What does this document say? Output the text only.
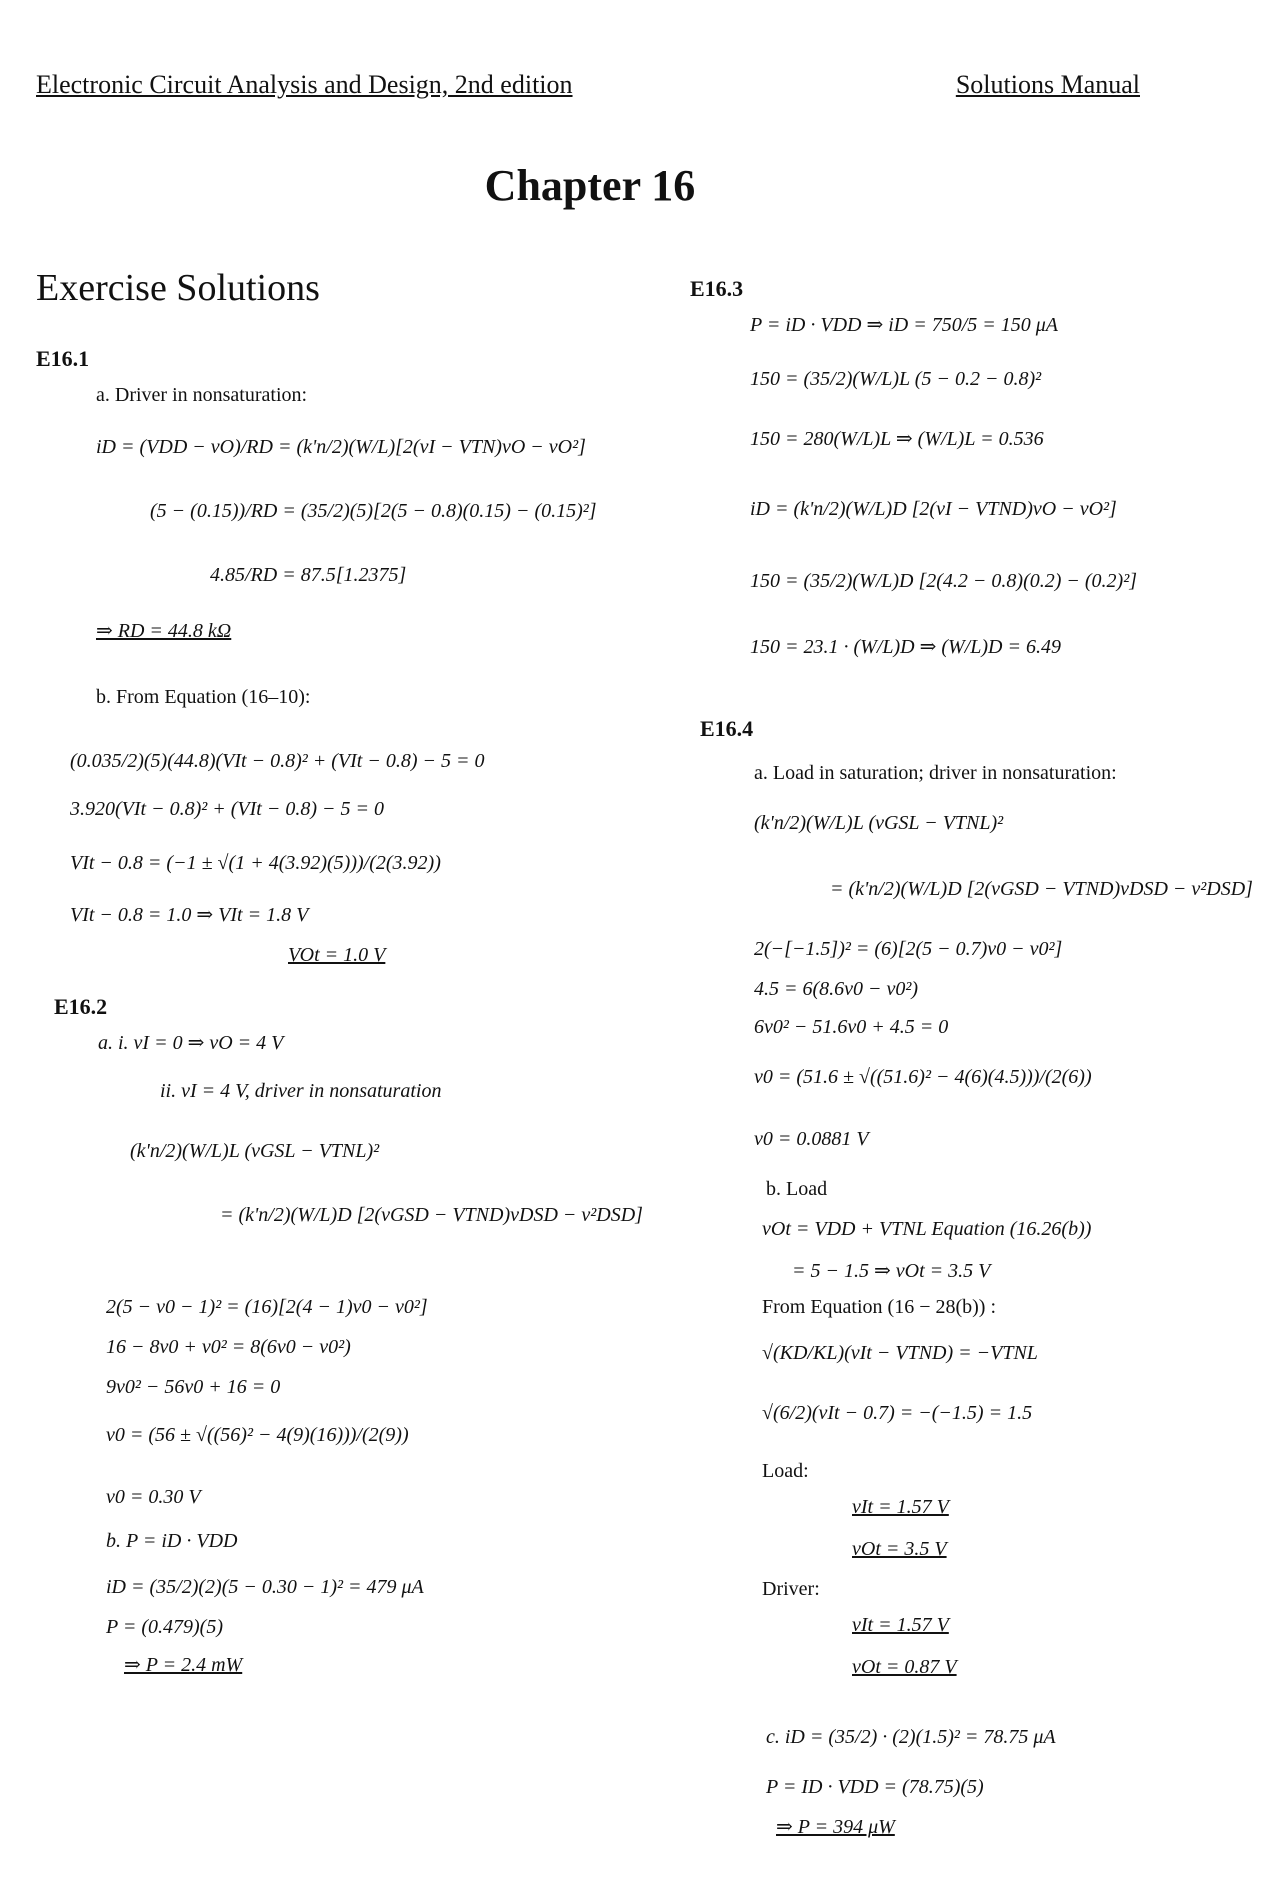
Electronic Circuit Analysis and Design, 2nd edition	Solutions Manual
Chapter 16
Exercise Solutions
E16.1
a. Driver in nonsaturation:
iD = (VDD − vO)/RD = (k'n/2)(W/L)[2(vI − VTN)vO − vO²]
(5 − (0.15))/RD = (35/2)(5)[2(5 − 0.8)(0.15) − (0.15)²]
4.85/RD = 87.5[1.2375]
⇒ RD = 44.8 kΩ
b. From Equation (16–10):
(0.035/2)(5)(44.8)(VIt − 0.8)² + (VIt − 0.8) − 5 = 0
3.920(VIt − 0.8)² + (VIt − 0.8) − 5 = 0
VIt − 0.8 = (−1 ± √(1 + 4(3.92)(5)))/(2(3.92))
VIt − 0.8 = 1.0 ⇒ VIt = 1.8 V
VOt = 1.0 V
E16.2
a. i. vI = 0 ⇒ vO = 4 V
ii. vI = 4 V, driver in nonsaturation
(k'n/2)(W/L)L (vGSL − VTNL)²
= (k'n/2)(W/L)D [2(vGSD − VTND)vDSD − v²DSD]
2(5 − v0 − 1)² = (16)[2(4 − 1)v0 − v0²]
16 − 8v0 + v0² = 8(6v0 − v0²)
9v0² − 56v0 + 16 = 0
v0 = (56 ± √((56)² − 4(9)(16)))/(2(9))
v0 = 0.30 V
b. P = iD · VDD
iD = (35/2)(2)(5 − 0.30 − 1)² = 479 μA
P = (0.479)(5)
⇒ P = 2.4 mW
E16.3
P = iD · VDD ⇒ iD = 750/5 = 150 μA
150 = (35/2)(W/L)L (5 − 0.2 − 0.8)²
150 = 280(W/L)L ⇒ (W/L)L = 0.536
iD = (k'n/2)(W/L)D [2(vI − VTND)vO − vO²]
150 = (35/2)(W/L)D [2(4.2 − 0.8)(0.2) − (0.2)²]
150 = 23.1 · (W/L)D ⇒ (W/L)D = 6.49
E16.4
a. Load in saturation; driver in nonsaturation:
(k'n/2)(W/L)L (vGSL − VTNL)²
= (k'n/2)(W/L)D [2(vGSD − VTND)vDSD − v²DSD]
2(−[−1.5])² = (6)[2(5 − 0.7)v0 − v0²]
4.5 = 6(8.6v0 − v0²)
6v0² − 51.6v0 + 4.5 = 0
v0 = (51.6 ± √((51.6)² − 4(6)(4.5)))/(2(6))
v0 = 0.0881 V
b. Load
vOt = VDD + VTNL Equation (16.26(b))
= 5 − 1.5 ⇒ vOt = 3.5 V
From Equation (16 − 28(b)) :
√(KD/KL)(vIt − VTND) = −VTNL
√(6/2)(vIt − 0.7) = −(−1.5) = 1.5
Load:
vIt = 1.57 V
vOt = 3.5 V
Driver:
vIt = 1.57 V
vOt = 0.87 V
c. iD = (35/2) · (2)(1.5)² = 78.75 μA
P = ID · VDD = (78.75)(5)
⇒ P = 394 μW
